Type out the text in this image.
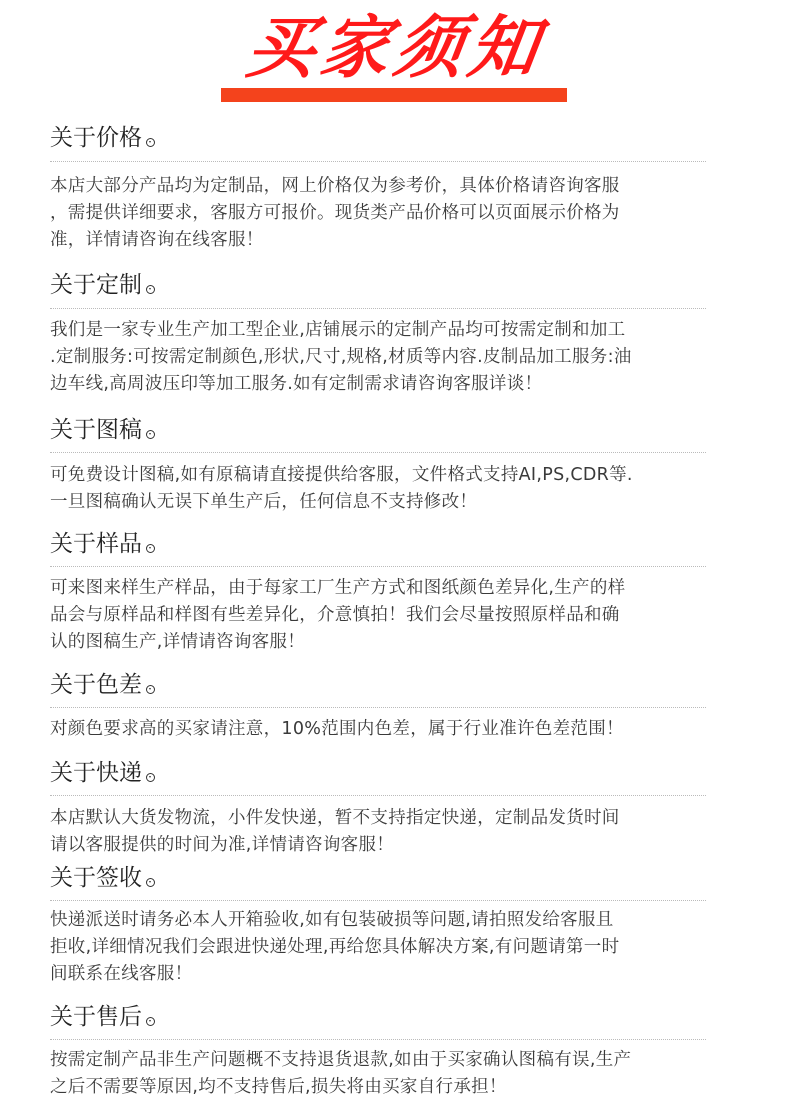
买家须知
关于价格
本店大部分产品均为定制品，网上价格仅为参考价，具体价格请咨询客服
，需提供详细要求，客服方可报价。现货类产品价格可以页面展示价格为
准，详情请咨询在线客服！
关于定制
我们是一家专业生产加工型企业,店铺展示的定制产品均可按需定制和加工
.定制服务:可按需定制颜色,形状,尺寸,规格,材质等内容.皮制品加工服务:油
边车线,高周波压印等加工服务.如有定制需求请咨询客服详谈！
关于图稿
可免费设计图稿,如有原稿请直接提供给客服，文件格式支持AI,PS,CDR等.
一旦图稿确认无误下单生产后，任何信息不支持修改！
关于样品
可来图来样生产样品，由于每家工厂生产方式和图纸颜色差异化,生产的样
品会与原样品和样图有些差异化，介意慎拍！我们会尽量按照原样品和确
认的图稿生产,详情请咨询客服！
关于色差
对颜色要求高的买家请注意，10%范围内色差，属于行业准许色差范围！
关于快递
本店默认大货发物流，小件发快递，暂不支持指定快递，定制品发货时间
请以客服提供的时间为准,详情请咨询客服！
关于签收
快递派送时请务必本人开箱验收,如有包装破损等问题,请拍照发给客服且
拒收,详细情况我们会跟进快递处理,再给您具体解决方案,有问题请第一时
间联系在线客服！
关于售后
按需定制产品非生产问题概不支持退货退款,如由于买家确认图稿有误,生产
之后不需要等原因,均不支持售后,损失将由买家自行承担！
